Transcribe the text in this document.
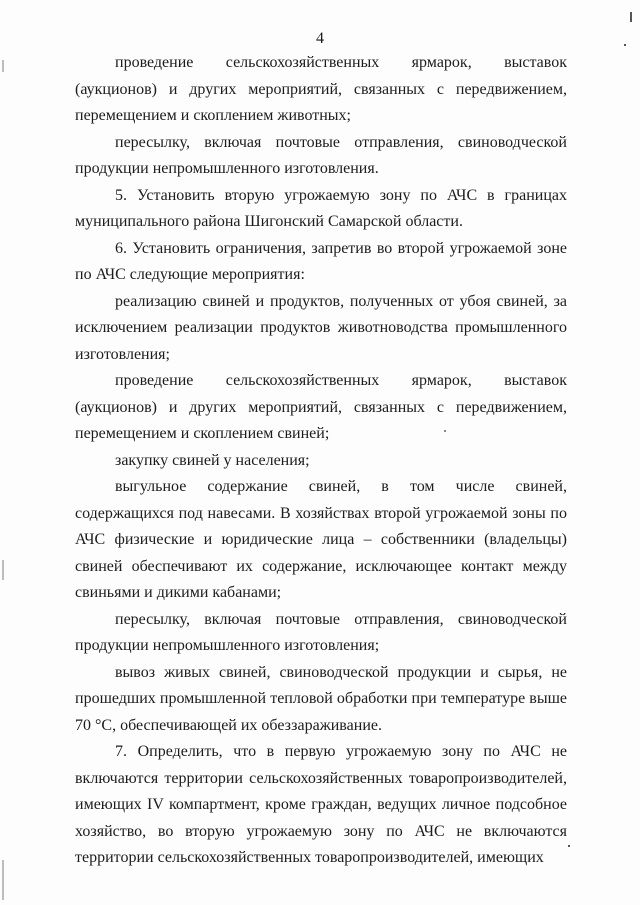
4

проведение сельскохозяйственных ярмарок, выставок (аукционов) и других мероприятий, связанных с передвижением, перемещением и скоплением животных;

пересылку, включая почтовые отправления, свиноводческой продукции непромышленного изготовления.

5. Установить вторую угрожаемую зону по АЧС в границах муниципального района Шигонский Самарской области.

6. Установить ограничения, запретив во второй угрожаемой зоне по АЧС следующие мероприятия:

реализацию свиней и продуктов, полученных от убоя свиней, за исключением реализации продуктов животноводства промышленного изготовления;

проведение сельскохозяйственных ярмарок, выставок (аукционов) и других мероприятий, связанных с передвижением, перемещением и скоплением свиней;

закупку свиней у населения;

выгульное содержание свиней, в том числе свиней, содержащихся под навесами. В хозяйствах второй угрожаемой зоны по АЧС физические и юридические лица – собственники (владельцы) свиней обеспечивают их содержание, исключающее контакт между свиньями и дикими кабанами;

пересылку, включая почтовые отправления, свиноводческой продукции непромышленного изготовления;

вывоз живых свиней, свиноводческой продукции и сырья, не прошедших промышленной тепловой обработки при температуре выше 70 °С, обеспечивающей их обеззараживание.

7. Определить, что в первую угрожаемую зону по АЧС не включаются территории сельскохозяйственных товаропроизводителей, имеющих IV компартмент, кроме граждан, ведущих личное подсобное хозяйство, во вторую угрожаемую зону по АЧС не включаются территории сельскохозяйственных товаропроизводителей, имеющих
